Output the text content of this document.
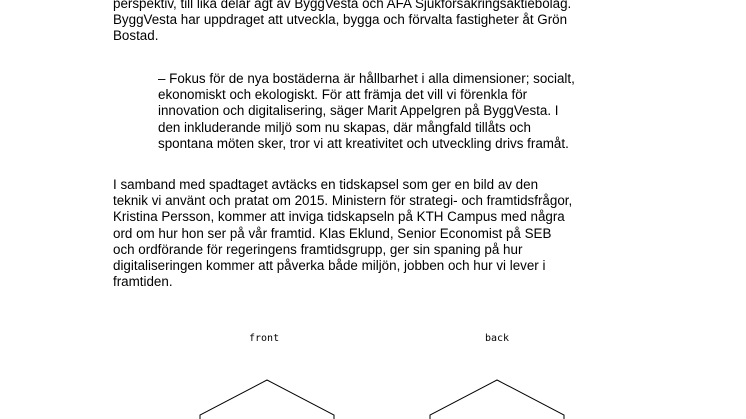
perspektiv, till lika delar ägt av ByggVesta och AFA Sjukförsäkringsaktiebolag.
ByggVesta har uppdraget att utveckla, bygga och förvalta fastigheter åt Grön
Bostad.
– Fokus för de nya bostäderna är hållbarhet i alla dimensioner; socialt,
ekonomiskt och ekologiskt. För att främja det vill vi förenkla för
innovation och digitalisering, säger Marit Appelgren på ByggVesta. I
den inkluderande miljö som nu skapas, där mångfald tillåts och
spontana möten sker, tror vi att kreativitet och utveckling drivs framåt.
I samband med spadtaget avtäcks en tidskapsel som ger en bild av den
teknik vi använt och pratat om 2015. Ministern för strategi- och framtidsfrågor,
Kristina Persson, kommer att inviga tidskapseln på KTH Campus med några
ord om hur hon ser på vår framtid. Klas Eklund, Senior Economist på SEB
och ordförande för regeringens framtidsgrupp, ger sin spaning på hur
digitaliseringen kommer att påverka både miljön, jobben och hur vi lever i
framtiden.
front	back
